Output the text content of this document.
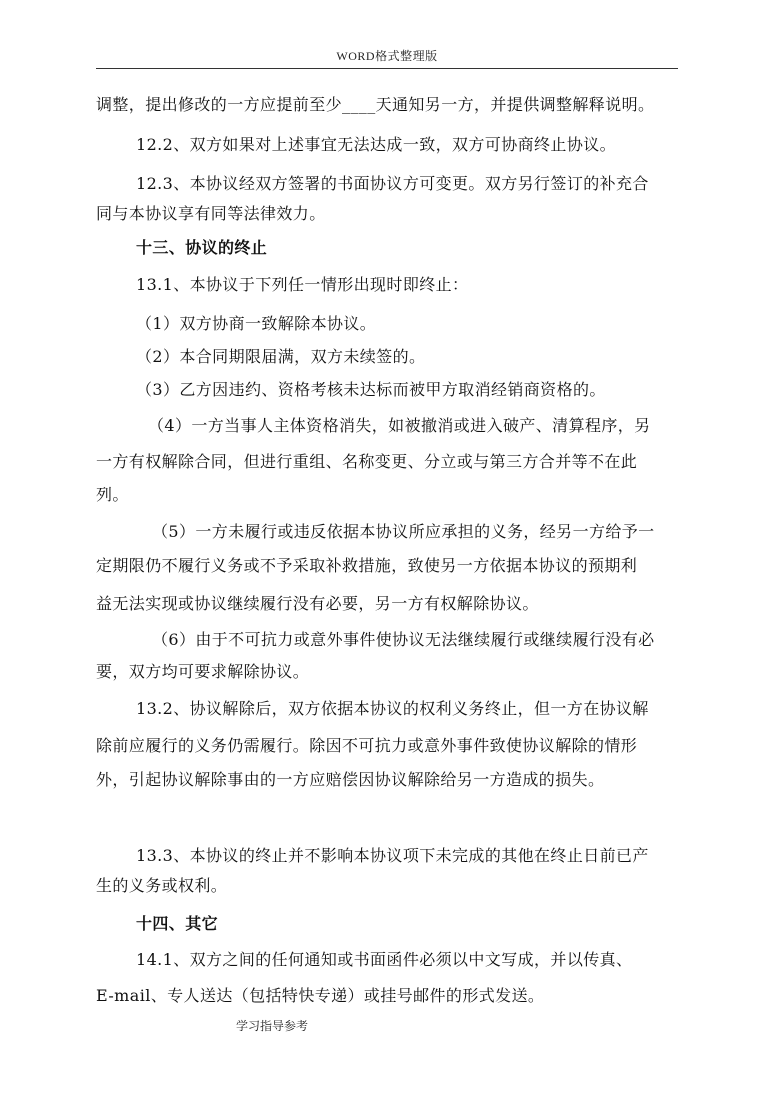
WORD格式整理版
调整，提出修改的一方应提前至少____天通知另一方，并提供调整解释说明。
12.2、双方如果对上述事宜无法达成一致，双方可协商终止协议。
12.3、本协议经双方签署的书面协议方可变更。双方另行签订的补充合
同与本协议享有同等法律效力。
十三、协议的终止
13.1、本协议于下列任一情形出现时即终止：
（1）双方协商一致解除本协议。
（2）本合同期限届满，双方未续签的。
（3）乙方因违约、资格考核未达标而被甲方取消经销商资格的。
（4）一方当事人主体资格消失，如被撤消或进入破产、清算程序，另
一方有权解除合同，但进行重组、名称变更、分立或与第三方合并等不在此
列。
（5）一方未履行或违反依据本协议所应承担的义务，经另一方给予一
定期限仍不履行义务或不予采取补救措施，致使另一方依据本协议的预期利
益无法实现或协议继续履行没有必要，另一方有权解除协议。
（6）由于不可抗力或意外事件使协议无法继续履行或继续履行没有必
要，双方均可要求解除协议。
13.2、协议解除后，双方依据本协议的权利义务终止，但一方在协议解
除前应履行的义务仍需履行。除因不可抗力或意外事件致使协议解除的情形
外，引起协议解除事由的一方应赔偿因协议解除给另一方造成的损失。
13.3、本协议的终止并不影响本协议项下未完成的其他在终止日前已产
生的义务或权利。
十四、其它
14.1、双方之间的任何通知或书面函件必须以中文写成，并以传真、
E-mail、专人送达（包括特快专递）或挂号邮件的形式发送。
学习指导参考
